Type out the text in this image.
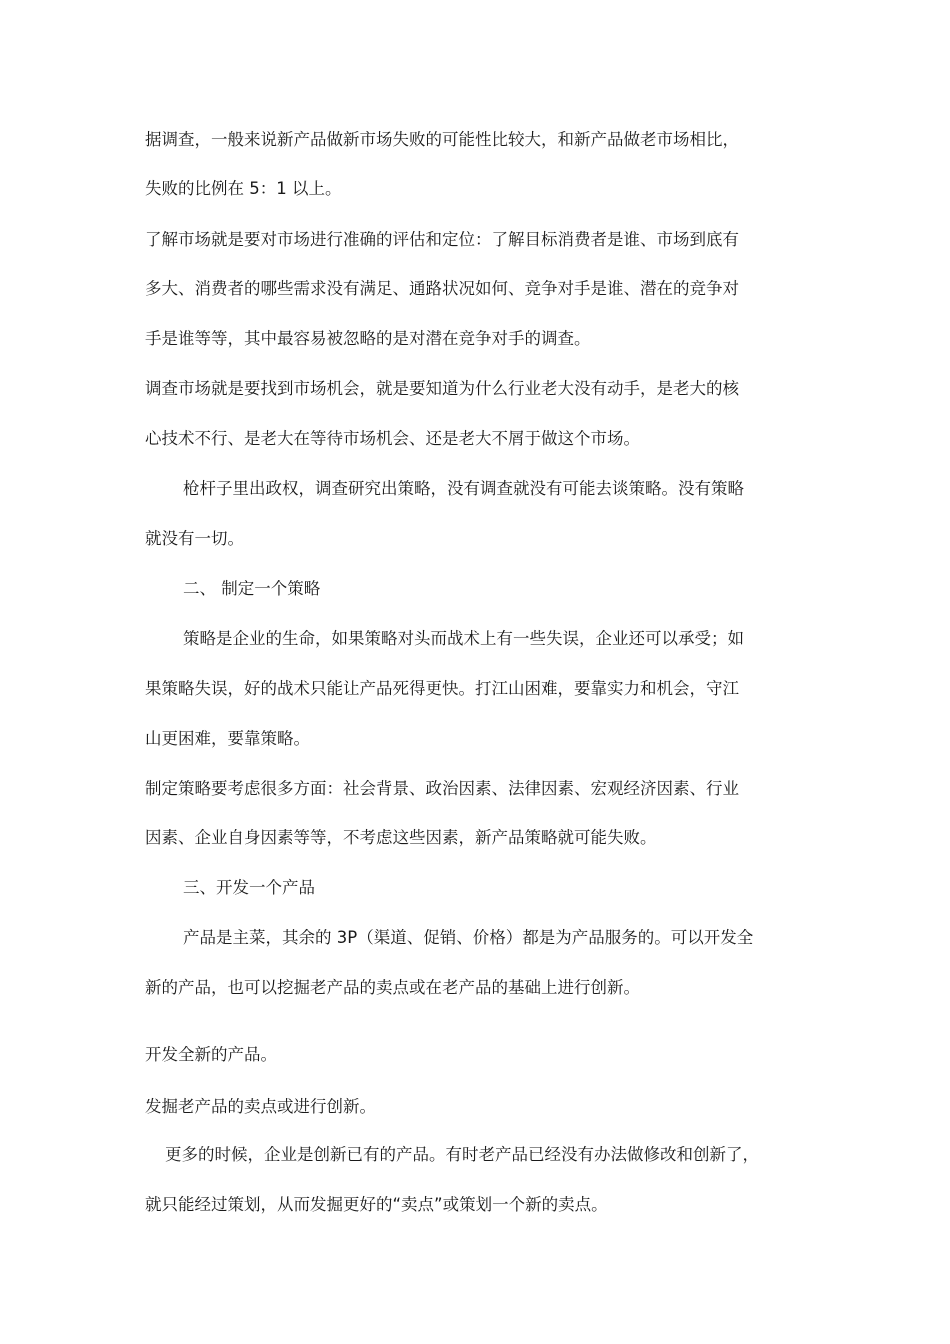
据调查，一般来说新产品做新市场失败的可能性比较大，和新产品做老市场相比，
失败的比例在 5：1 以上。
了解市场就是要对市场进行准确的评估和定位：了解目标消费者是谁、市场到底有
多大、消费者的哪些需求没有满足、通路状况如何、竞争对手是谁、潜在的竞争对
手是谁等等，其中最容易被忽略的是对潜在竞争对手的调查。
调查市场就是要找到市场机会，就是要知道为什么行业老大没有动手，是老大的核
心技术不行、是老大在等待市场机会、还是老大不屑于做这个市场。
枪杆子里出政权，调查研究出策略，没有调查就没有可能去谈策略。没有策略
就没有一切。
二、 制定一个策略
策略是企业的生命，如果策略对头而战术上有一些失误，企业还可以承受；如
果策略失误，好的战术只能让产品死得更快。打江山困难，要靠实力和机会，守江
山更困难，要靠策略。
制定策略要考虑很多方面：社会背景、政治因素、法律因素、宏观经济因素、行业
因素、企业自身因素等等，不考虑这些因素，新产品策略就可能失败。
三、开发一个产品
产品是主菜，其余的 3P（渠道、促销、价格）都是为产品服务的。可以开发全
新的产品，也可以挖掘老产品的卖点或在老产品的基础上进行创新。
开发全新的产品。
发掘老产品的卖点或进行创新。
更多的时候，企业是创新已有的产品。有时老产品已经没有办法做修改和创新了，
就只能经过策划，从而发掘更好的“卖点”或策划一个新的卖点。
